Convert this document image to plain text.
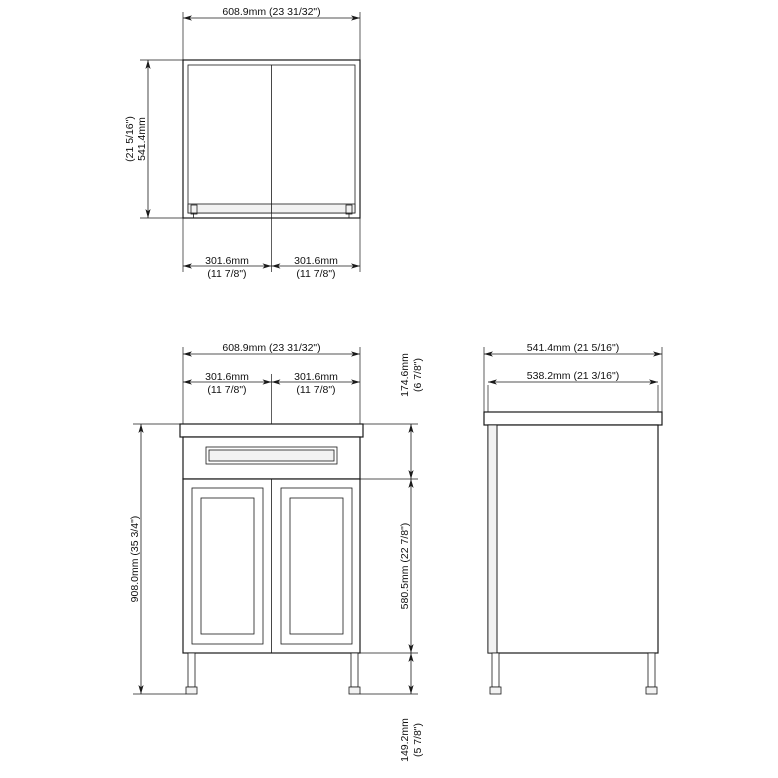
608.9mm (23 31/32")
541.4mm
(21 5/16")
301.6mm
(11 7/8")
301.6mm
(11 7/8")
608.9mm (23 31/32")
301.6mm
(11 7/8")
301.6mm
(11 7/8")
908.0mm (35 3/4")
174.6mm (6 7/8")
580.5mm (22 7/8")
149.2mm (5 7/8")
541.4mm (21 5/16")
538.2mm (21 3/16")
